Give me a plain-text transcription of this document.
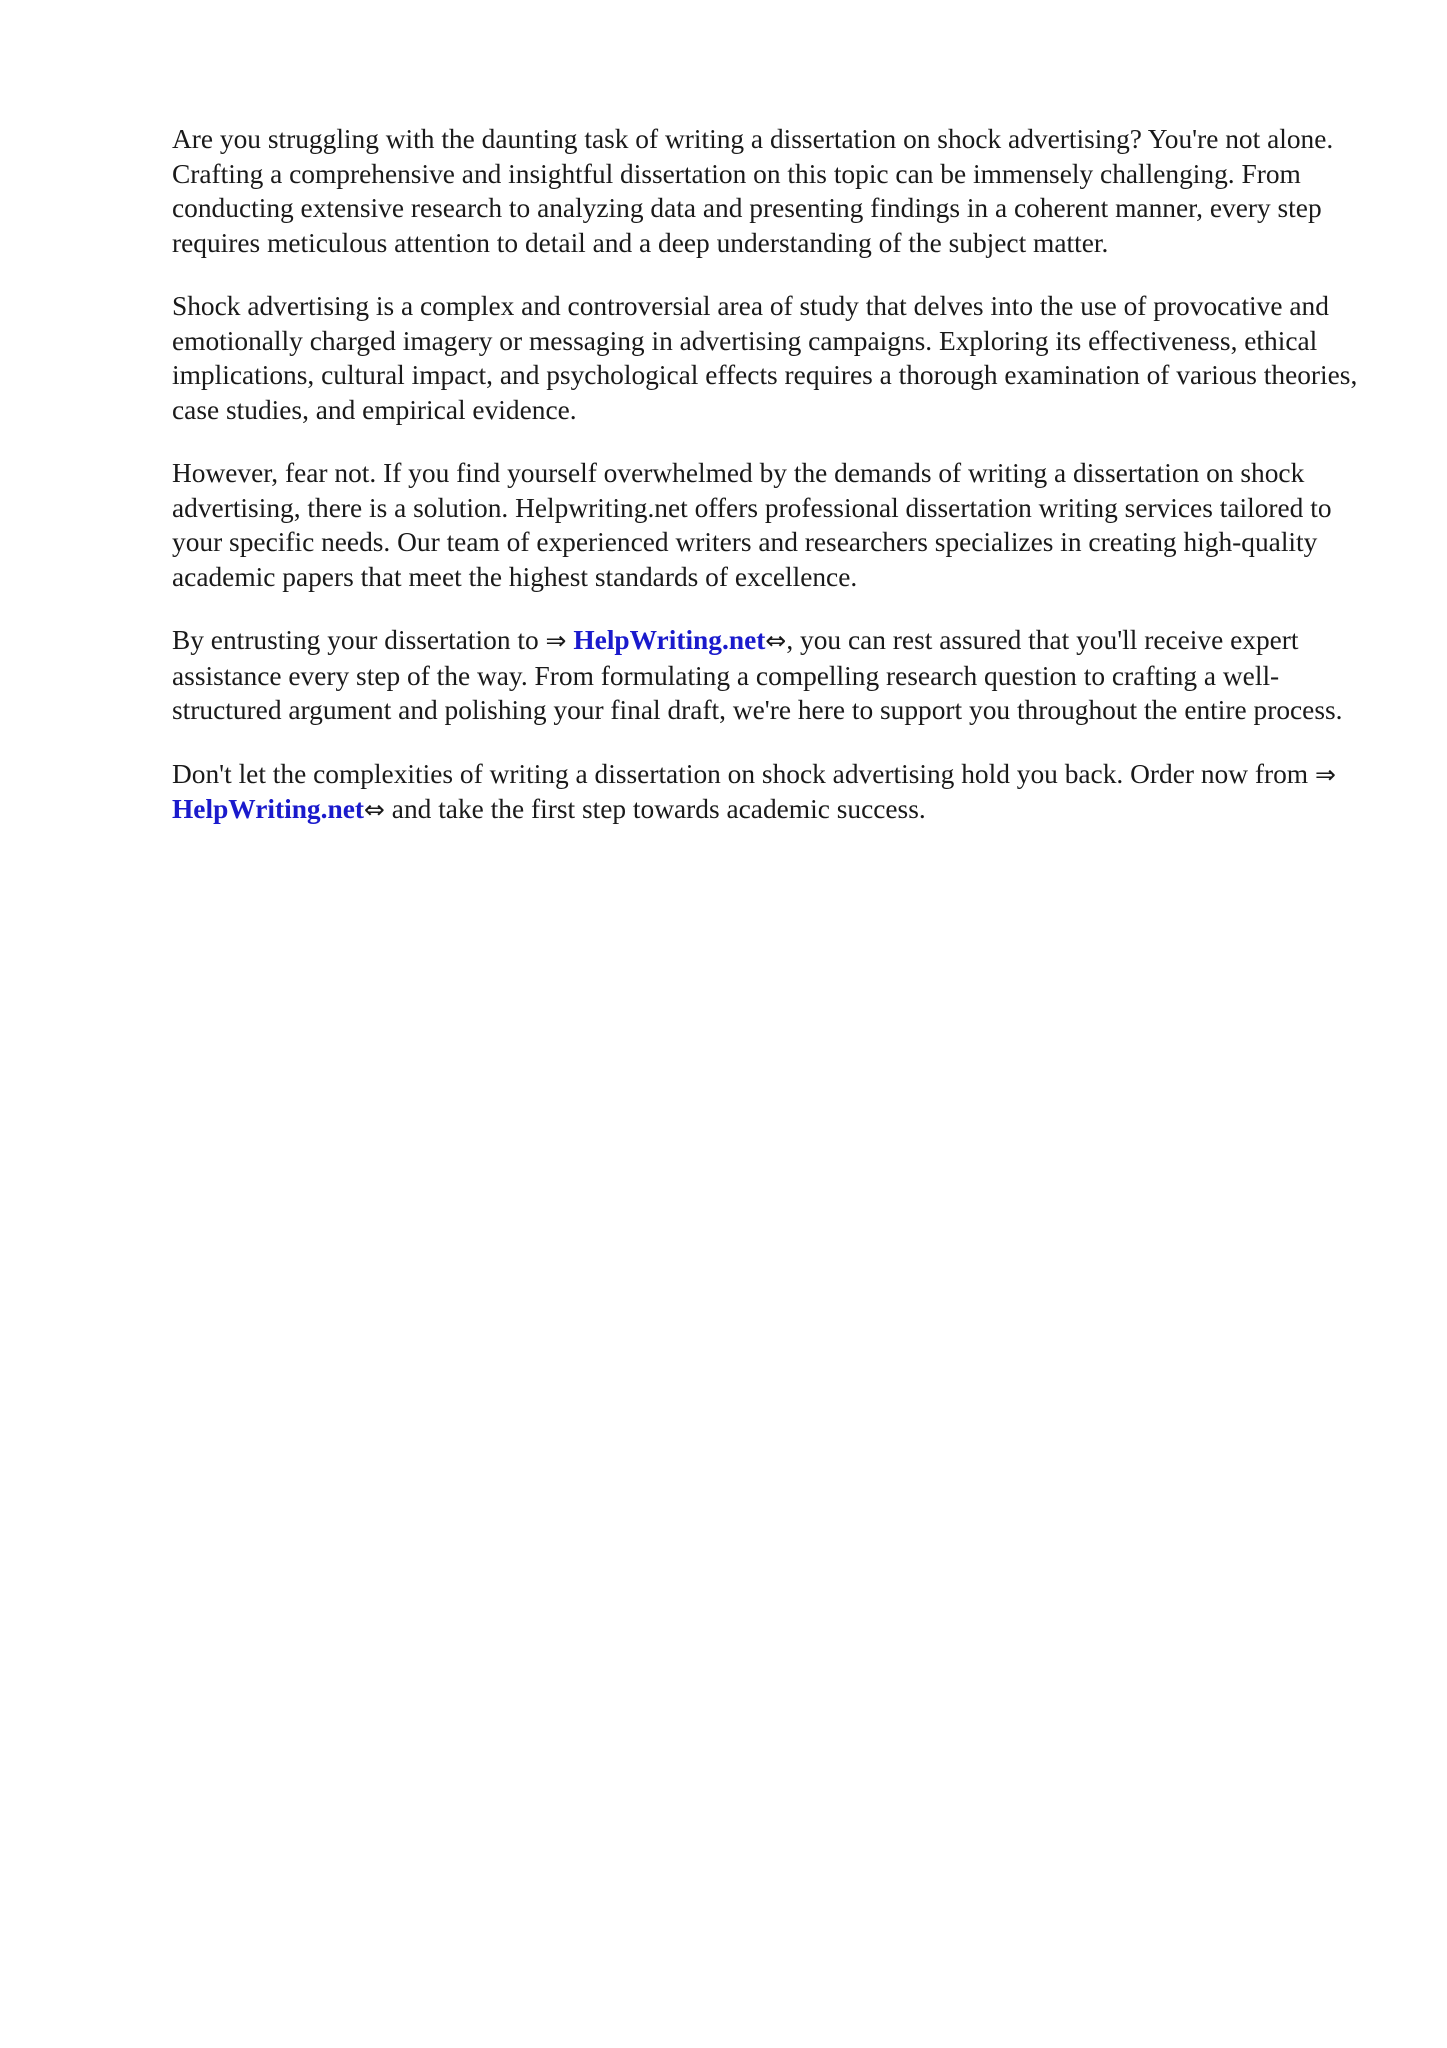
Are you struggling with the daunting task of writing a dissertation on shock advertising? You're not alone. Crafting a comprehensive and insightful dissertation on this topic can be immensely challenging. From conducting extensive research to analyzing data and presenting findings in a coherent manner, every step requires meticulous attention to detail and a deep understanding of the subject matter.

Shock advertising is a complex and controversial area of study that delves into the use of provocative and emotionally charged imagery or messaging in advertising campaigns. Exploring its effectiveness, ethical implications, cultural impact, and psychological effects requires a thorough examination of various theories, case studies, and empirical evidence.

However, fear not. If you find yourself overwhelmed by the demands of writing a dissertation on shock advertising, there is a solution. Helpwriting.net offers professional dissertation writing services tailored to your specific needs. Our team of experienced writers and researchers specializes in creating high-quality academic papers that meet the highest standards of excellence.

By entrusting your dissertation to ⇒ HelpWriting.net⇔, you can rest assured that you'll receive expert assistance every step of the way. From formulating a compelling research question to crafting a well-structured argument and polishing your final draft, we're here to support you throughout the entire process.

Don't let the complexities of writing a dissertation on shock advertising hold you back. Order now from ⇒ HelpWriting.net⇔ and take the first step towards academic success.
